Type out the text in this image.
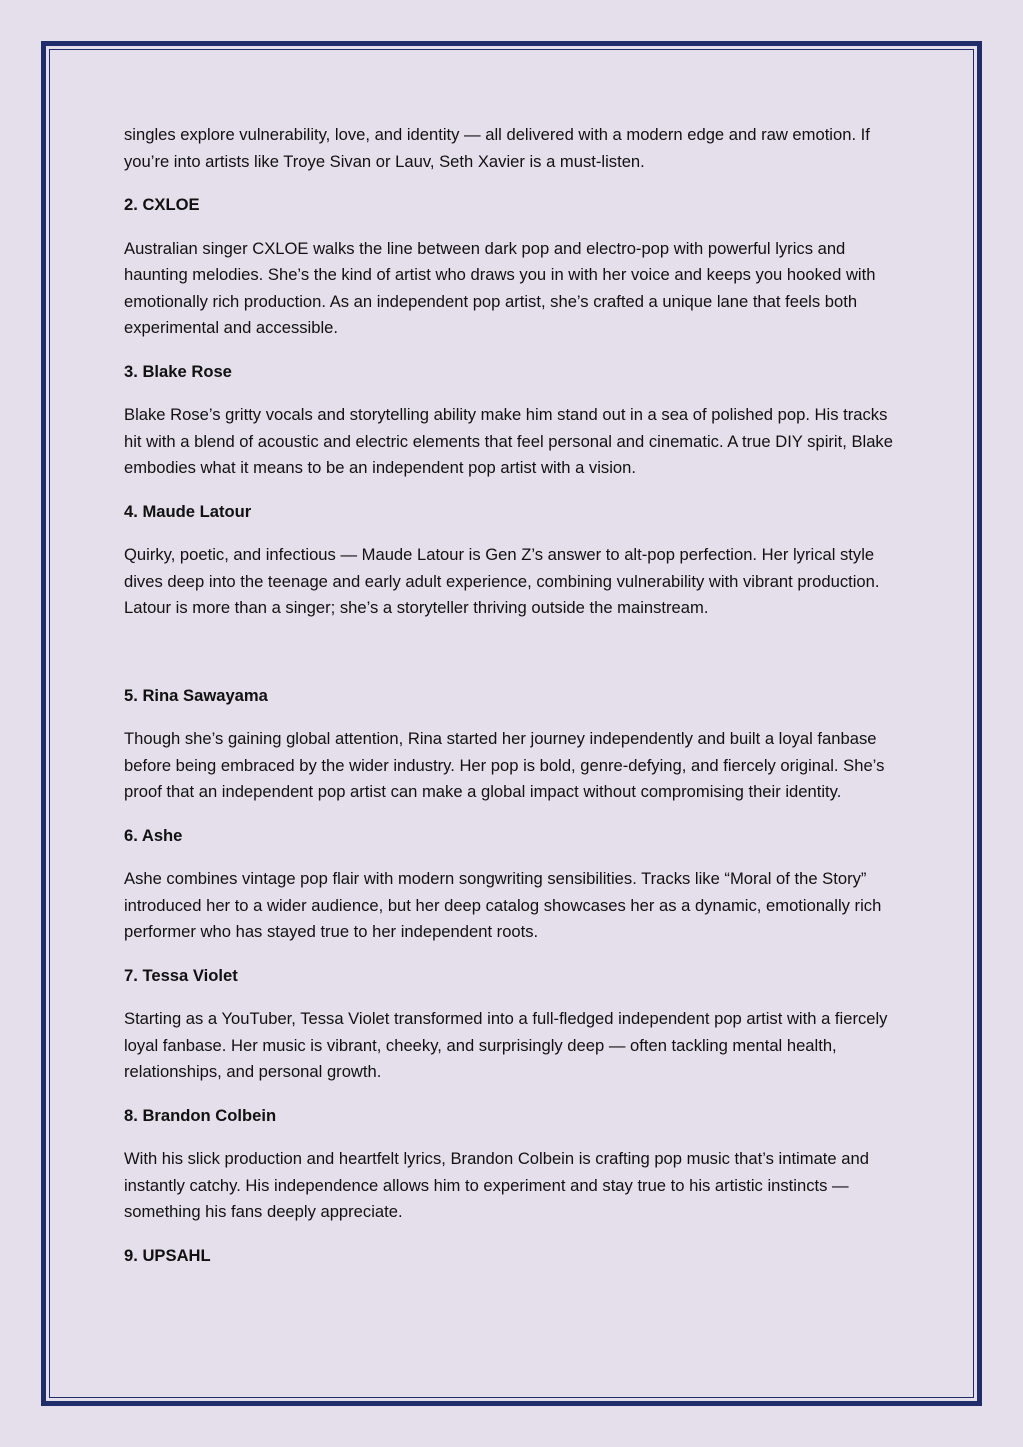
singles explore vulnerability, love, and identity — all delivered with a modern edge and raw emotion. If you’re into artists like Troye Sivan or Lauv, Seth Xavier is a must-listen.

2. CXLOE

Australian singer CXLOE walks the line between dark pop and electro-pop with powerful lyrics and haunting melodies. She’s the kind of artist who draws you in with her voice and keeps you hooked with emotionally rich production. As an independent pop artist, she’s crafted a unique lane that feels both experimental and accessible.

3. Blake Rose

Blake Rose’s gritty vocals and storytelling ability make him stand out in a sea of polished pop. His tracks hit with a blend of acoustic and electric elements that feel personal and cinematic. A true DIY spirit, Blake embodies what it means to be an independent pop artist with a vision.

4. Maude Latour

Quirky, poetic, and infectious — Maude Latour is Gen Z’s answer to alt-pop perfection. Her lyrical style dives deep into the teenage and early adult experience, combining vulnerability with vibrant production. Latour is more than a singer; she’s a storyteller thriving outside the mainstream.

5. Rina Sawayama

Though she’s gaining global attention, Rina started her journey independently and built a loyal fanbase before being embraced by the wider industry. Her pop is bold, genre-defying, and fiercely original. She’s proof that an independent pop artist can make a global impact without compromising their identity.

6. Ashe

Ashe combines vintage pop flair with modern songwriting sensibilities. Tracks like “Moral of the Story” introduced her to a wider audience, but her deep catalog showcases her as a dynamic, emotionally rich performer who has stayed true to her independent roots.

7. Tessa Violet

Starting as a YouTuber, Tessa Violet transformed into a full-fledged independent pop artist with a fiercely loyal fanbase. Her music is vibrant, cheeky, and surprisingly deep — often tackling mental health, relationships, and personal growth.

8. Brandon Colbein

With his slick production and heartfelt lyrics, Brandon Colbein is crafting pop music that’s intimate and instantly catchy. His independence allows him to experiment and stay true to his artistic instincts — something his fans deeply appreciate.

9. UPSAHL
